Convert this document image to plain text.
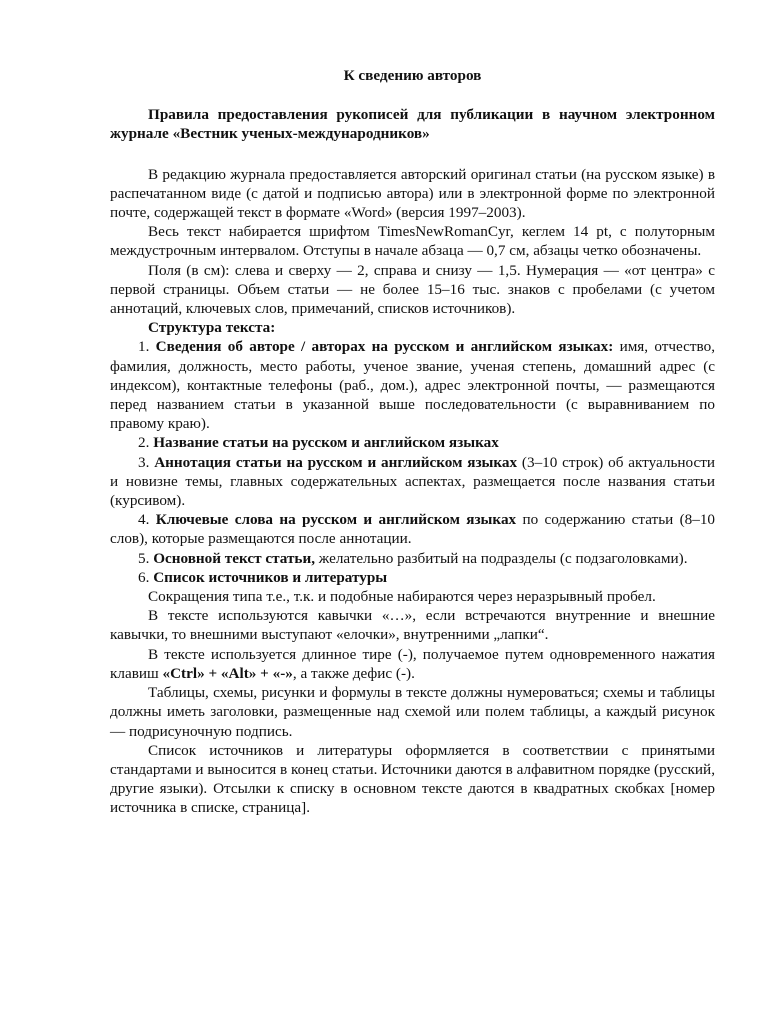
К сведению авторов
Правила предоставления рукописей для публикации в научном электронном журнале «Вестник ученых-международников»

В редакцию журнала предоставляется авторский оригинал статьи (на русском языке) в распечатанном виде (с датой и подписью автора) или в электронной форме по электронной почте, содержащей текст в формате «Word» (версия 1997–2003).

Весь текст набирается шрифтом TimesNewRomanCyr, кеглем 14 pt, с полуторным междустрочным интервалом. Отступы в начале абзаца — 0,7 см, абзацы четко обозначены.

Поля (в см): слева и сверху — 2, справа и снизу — 1,5. Нумерация — «от центра» с первой страницы. Объем статьи — не более 15–16 тыс. знаков с пробелами (с учетом аннотаций, ключевых слов, примечаний, списков источников).

Структура текста:

1. Сведения об авторе / авторах на русском и английском языках: имя, отчество, фамилия, должность, место работы, ученое звание, ученая степень, домашний адрес (с индексом), контактные телефоны (раб., дом.), адрес электронной почты, — размещаются перед названием статьи в указанной выше последовательности (с выравниванием по правому краю).

2. Название статьи на русском и английском языках

3. Аннотация статьи на русском и английском языках (3–10 строк) об актуальности и новизне темы, главных содержательных аспектах, размещается после названия статьи (курсивом).

4. Ключевые слова на русском и английском языках по содержанию статьи (8–10 слов), которые размещаются после аннотации.

5. Основной текст статьи, желательно разбитый на подразделы (с подзаголовками).

6. Список источников и литературы

Сокращения типа т.е., т.к. и подобные набираются через неразрывный пробел.

В тексте используются кавычки «…», если встречаются внутренние и внешние кавычки, то внешними выступают «елочки», внутренними „лапки“.

В тексте используется длинное тире (-), получаемое путем одновременного нажатия клавиш «Ctrl» + «Alt» + «-», а также дефис (-).

Таблицы, схемы, рисунки и формулы в тексте должны нумероваться; схемы и таблицы должны иметь заголовки, размещенные над схемой или полем таблицы, а каждый рисунок — подрисуночную подпись.

Список источников и литературы оформляется в соответствии с принятыми стандартами и выносится в конец статьи. Источники даются в алфавитном порядке (русский, другие языки). Отсылки к списку в основном тексте даются в квадратных скобках [номер источника в списке, страница].
